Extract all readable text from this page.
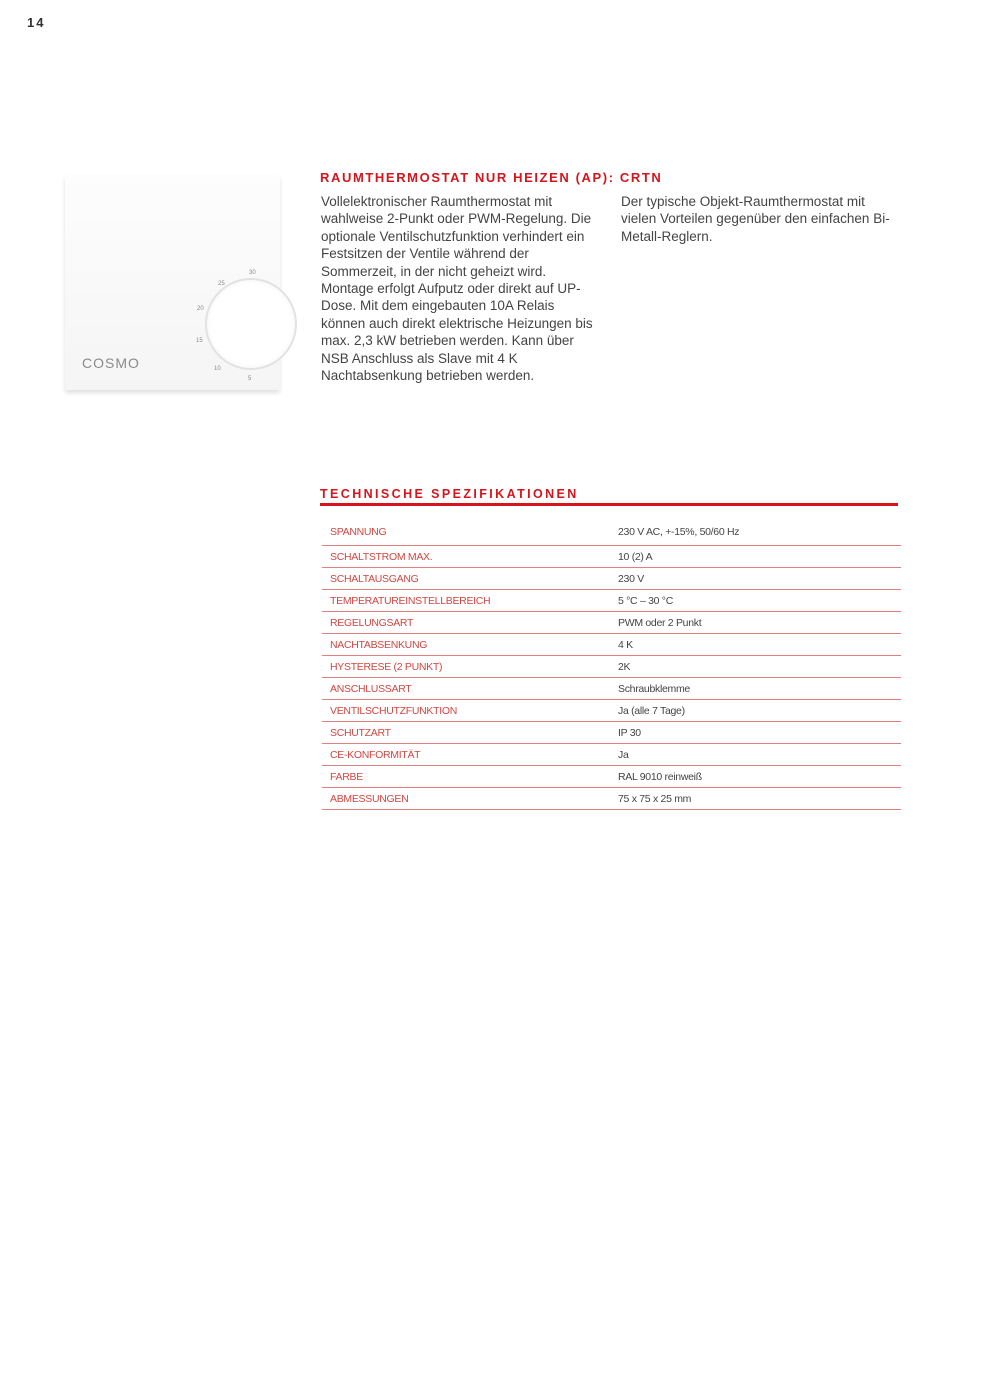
14
30
25
20
15
10
5
COSMO
RAUMTHERMOSTAT NUR HEIZEN (AP): CRTN
Vollelektronischer Raumthermostat mit wahlweise 2-Punkt oder PWM-Regelung. Die optionale Ventilschutzfunktion verhindert ein Festsitzen der Ventile während der Sommerzeit, in der nicht geheizt wird. Montage erfolgt Aufputz oder direkt auf UP-Dose. Mit dem eingebauten 10A Relais können auch direkt elektrische Heizungen bis max. 2,3 kW betrieben werden. Kann über NSB Anschluss als Slave mit 4 K Nachtabsenkung betrieben werden.
Der typische Objekt-Raumthermostat mit vielen Vorteilen gegenüber den einfachen Bi-Metall-Reglern.
TECHNISCHE SPEZIFIKATIONEN
SPANNUNG	230 V AC, +-15%, 50/60 Hz
SCHALTSTROM MAX.	10 (2) A
SCHALTAUSGANG	230 V
TEMPERATUREINSTELLBEREICH	5 °C – 30 °C
REGELUNGSART	PWM oder 2 Punkt
NACHTABSENKUNG	4 K
HYSTERESE (2 PUNKT)	2K
ANSCHLUSSART	Schraubklemme
VENTILSCHUTZFUNKTION	Ja (alle 7 Tage)
SCHUTZART	IP 30
CE-KONFORMITÄT	Ja
FARBE	RAL 9010 reinweiß
ABMESSUNGEN	75 x 75 x 25 mm
